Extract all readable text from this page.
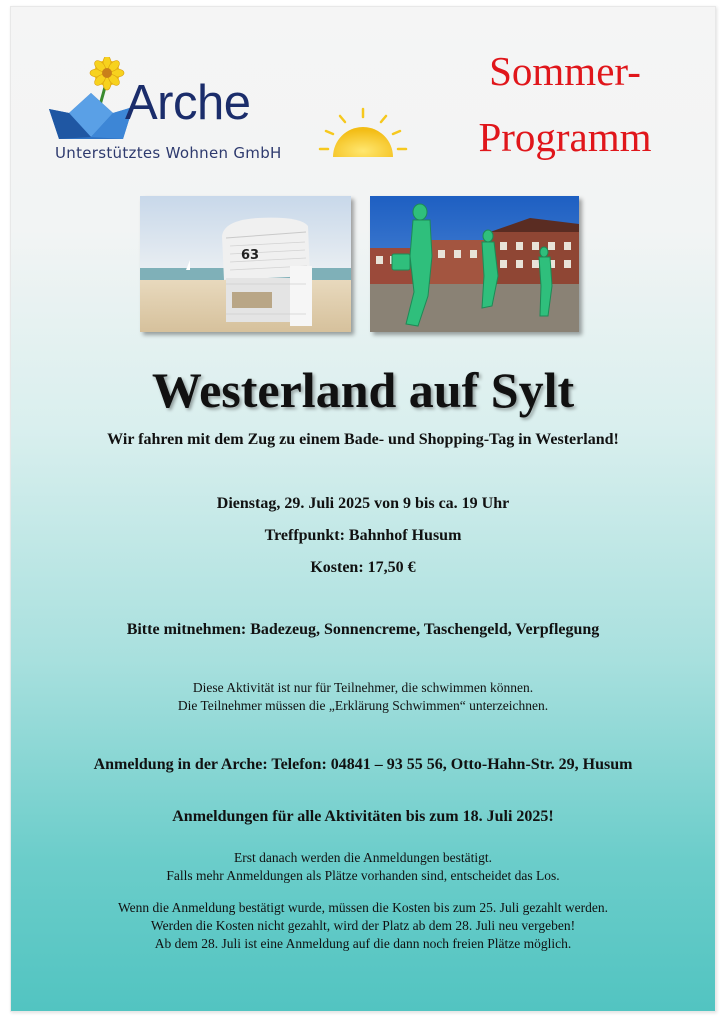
Arche
Unterstütztes Wohnen GmbH
Sommer-
Programm
63
Westerland auf Sylt
Wir fahren mit dem Zug zu einem Bade- und Shopping-Tag in Westerland!
Dienstag, 29. Juli 2025 von 9 bis ca. 19 Uhr
Treffpunkt: Bahnhof Husum
Kosten: 17,50 €
Bitte mitnehmen: Badezeug, Sonnencreme, Taschengeld, Verpflegung
Diese Aktivität ist nur für Teilnehmer, die schwimmen können.
Die Teilnehmer müssen die „Erklärung Schwimmen“ unterzeichnen.
Anmeldung in der Arche: Telefon: 04841 – 93 55 56, Otto-Hahn-Str. 29, Husum
Anmeldungen für alle Aktivitäten bis zum 18. Juli 2025!
Erst danach werden die Anmeldungen bestätigt.
Falls mehr Anmeldungen als Plätze vorhanden sind, entscheidet das Los.
Wenn die Anmeldung bestätigt wurde, müssen die Kosten bis zum 25. Juli gezahlt werden.
Werden die Kosten nicht gezahlt, wird der Platz ab dem 28. Juli neu vergeben!
Ab dem 28. Juli ist eine Anmeldung auf die dann noch freien Plätze möglich.
